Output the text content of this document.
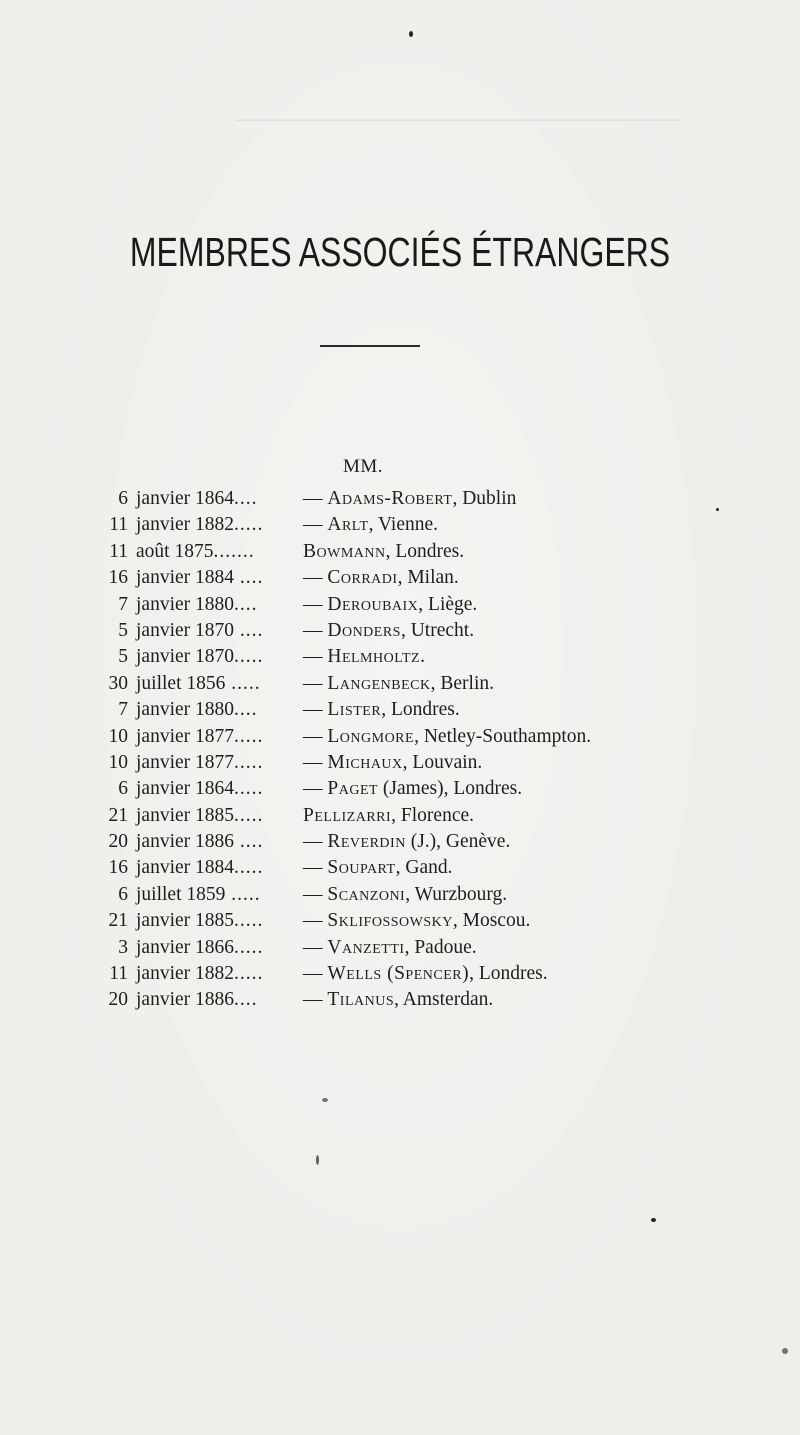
─────────────────────────────────
MEMBRES ASSOCIÉS ÉTRANGERS
MM.
6 janvier 1864.... — Adams-Robert, Dublin
11 janvier 1882..... — Arlt, Vienne.
11 août 1875....... Bowmann, Londres.
16 janvier 1884 .... — Corradi, Milan.
7 janvier 1880.... — Deroubaix, Liège.
5 janvier 1870 .... — Donders, Utrecht.
5 janvier 1870..... — Helmholtz.
30 juillet 1856 ..... — Langenbeck, Berlin.
7 janvier 1880.... — Lister, Londres.
10 janvier 1877..... — Longmore, Netley-Southampton.
10 janvier 1877..... — Michaux, Louvain.
6 janvier 1864..... — Paget (James), Londres.
21 janvier 1885..... Pellizarri, Florence.
20 janvier 1886 .... — Reverdin (J.), Genève.
16 janvier 1884..... — Soupart, Gand.
6 juillet 1859 ..... — Scanzoni, Wurzbourg.
21 janvier 1885..... — Sklifossowsky, Moscou.
3 janvier 1866..... — Vanzetti, Padoue.
11 janvier 1882..... — Wells (Spencer), Londres.
20 janvier 1886.... — Tilanus, Amsterdan.
